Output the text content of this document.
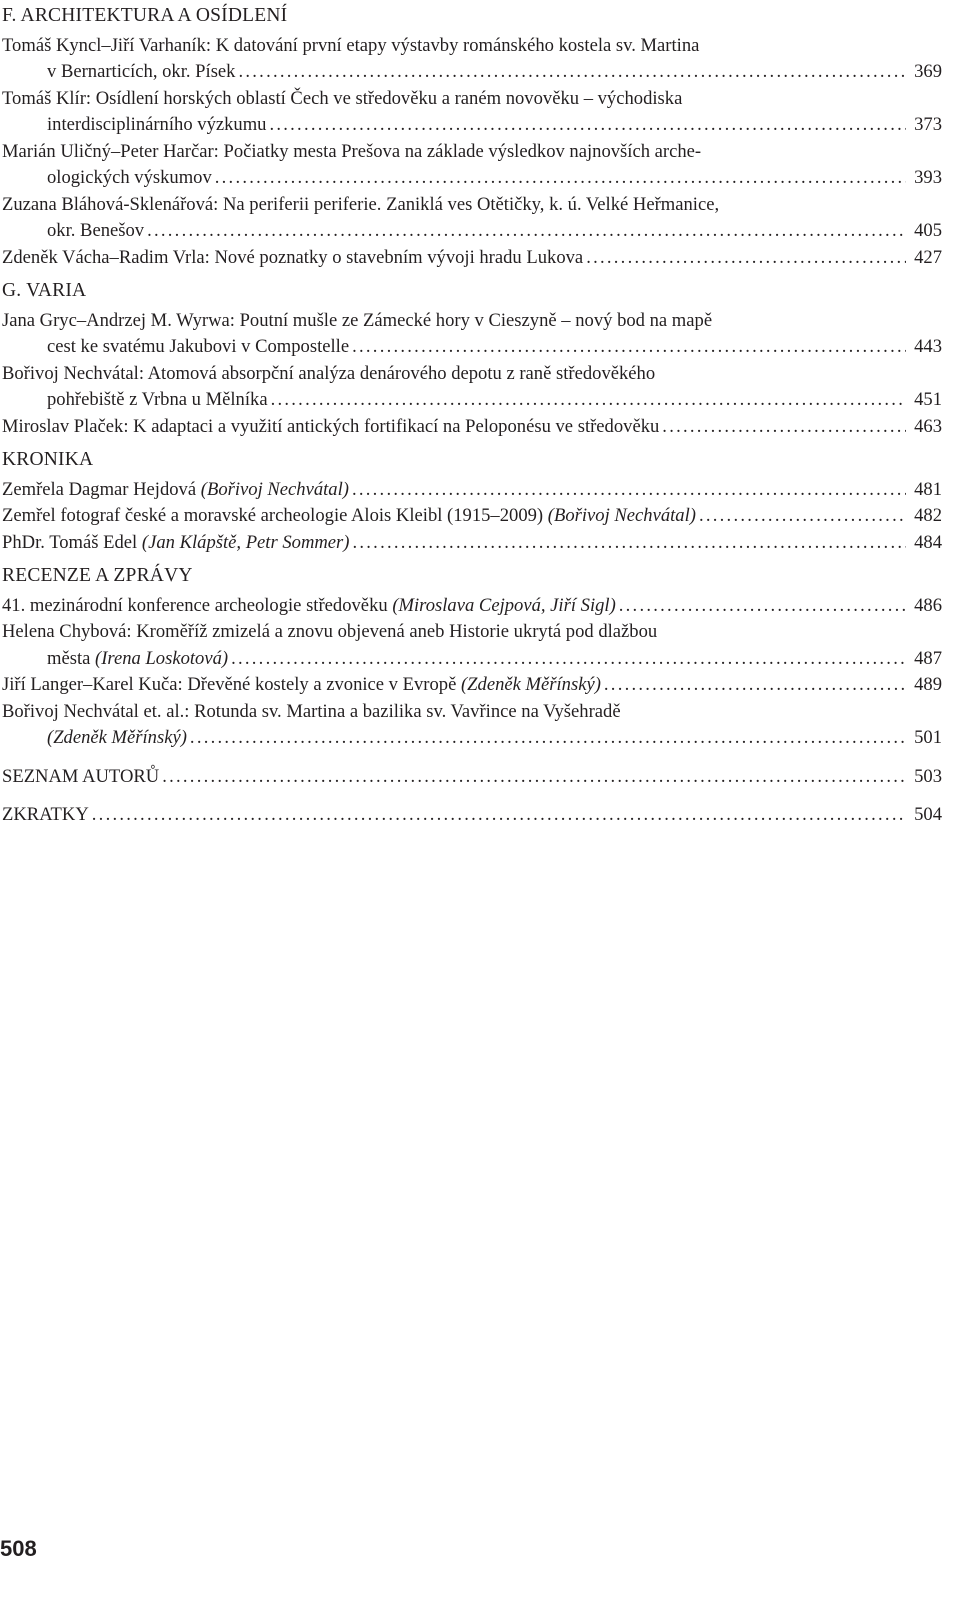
F. ARCHITEKTURA A OSÍDLENÍ
Tomáš Kyncl–Jiří Varhaník: K datování první etapy výstavby románského kostela sv. Martina
v Bernarticích, okr. Písek . . .	369
Tomáš Klír: Osídlení horských oblastí Čech ve středověku a raném novověku – východiska
interdisciplinárního výzkumu . . .	373
Marián Uličný–Peter Harčar: Počiatky mesta Prešova na základe výsledkov najnovších arche-
ologických výskumov . . .	393
Zuzana Bláhová-Sklenářová: Na periferii periferie. Zaniklá ves Otětičky, k. ú. Velké Heřmanice,
okr. Benešov . . .	405
Zdeněk Vácha–Radim Vrla: Nové poznatky o stavebním vývoji hradu Lukova . . .	427
G. VARIA
Jana Gryc–Andrzej M. Wyrwa: Poutní mušle ze Zámecké hory v Cieszyně – nový bod na mapě
cest ke svatému Jakubovi v Compostelle . . .	443
Bořivoj Nechvátal: Atomová absorpční analýza denárového depotu z raně středověkého
pohřebiště z Vrbna u Mělníka . . .	451
Miroslav Plaček: K adaptaci a využití antických fortifikací na Peloponésu ve středověku . . .	463
KRONIKA
Zemřela Dagmar Hejdová (Bořivoj Nechvátal) . . .	481
Zemřel fotograf české a moravské archeologie Alois Kleibl (1915–2009) (Bořivoj Nechvátal) . . .	482
PhDr. Tomáš Edel (Jan Klápště, Petr Sommer) . . .	484
RECENZE A ZPRÁVY
41. mezinárodní konference archeologie středověku (Miroslava Cejpová, Jiří Sigl) . . .	486
Helena Chybová: Kroměříž zmizelá a znovu objevená aneb Historie ukrytá pod dlažbou
města (Irena Loskotová) . . .	487
Jiří Langer–Karel Kuča: Dřevěné kostely a zvonice v Evropě (Zdeněk Měřínský) . . .	489
Bořivoj Nechvátal et. al.: Rotunda sv. Martina a bazilika sv. Vavřince na Vyšehradě
(Zdeněk Měřínský) . . .	501
SEZNAM AUTORŮ . . .	503
ZKRATKY . . .	504
508
